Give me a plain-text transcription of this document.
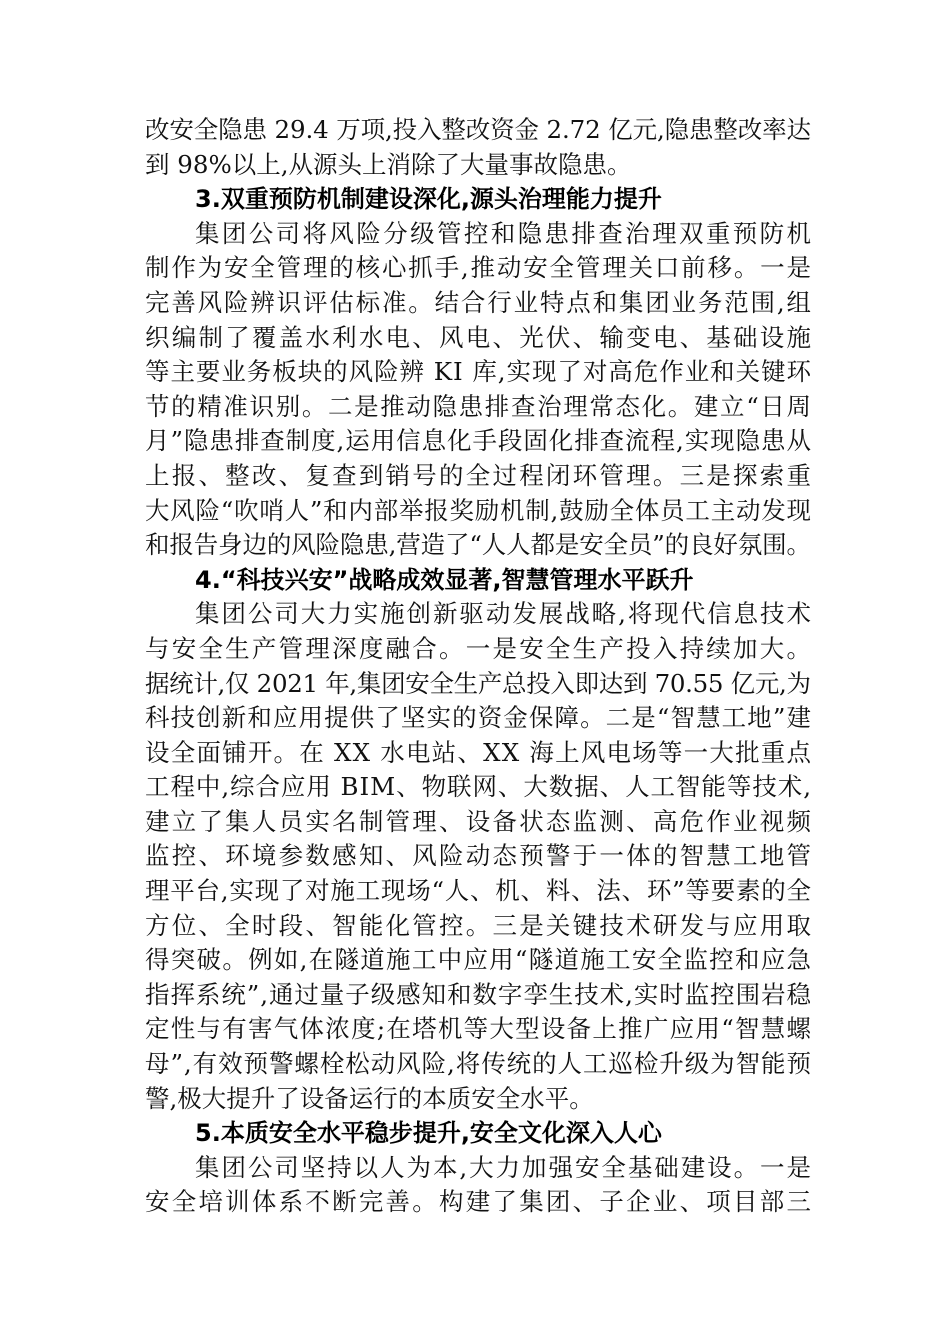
改安全隐患 29.4 万项,投入整改资金 2.72 亿元,隐患整改率达
到 98%以上,从源头上消除了大量事故隐患。
3.双重预防机制建设深化,源头治理能力提升
集团公司将风险分级管控和隐患排查治理双重预防机
制作为安全管理的核心抓手,推动安全管理关口前移。一是
完善风险辨识评估标准。结合行业特点和集团业务范围,组
织编制了覆盖水利水电、风电、光伏、输变电、基础设施
等主要业务板块的风险辨 KI 库,实现了对高危作业和关键环
节的精准识别。二是推动隐患排查治理常态化。建立“日周
月”隐患排查制度,运用信息化手段固化排查流程,实现隐患从
上报、整改、复查到销号的全过程闭环管理。三是探索重
大风险“吹哨人”和内部举报奖励机制,鼓励全体员工主动发现
和报告身边的风险隐患,营造了“人人都是安全员”的良好氛围。
4.“科技兴安”战略成效显著,智慧管理水平跃升
集团公司大力实施创新驱动发展战略,将现代信息技术
与安全生产管理深度融合。一是安全生产投入持续加大。
据统计,仅 2021 年,集团安全生产总投入即达到 70.55 亿元,为
科技创新和应用提供了坚实的资金保障。二是“智慧工地”建
设全面铺开。在 XX 水电站、XX 海上风电场等一大批重点
工程中,综合应用 BIM、物联网、大数据、人工智能等技术,
建立了集人员实名制管理、设备状态监测、高危作业视频
监控、环境参数感知、风险动态预警于一体的智慧工地管
理平台,实现了对施工现场“人、机、料、法、环”等要素的全
方位、全时段、智能化管控。三是关键技术研发与应用取
得突破。例如,在隧道施工中应用“隧道施工安全监控和应急
指挥系统”,通过量子级感知和数字孪生技术,实时监控围岩稳
定性与有害气体浓度;在塔机等大型设备上推广应用“智慧螺
母”,有效预警螺栓松动风险,将传统的人工巡检升级为智能预
警,极大提升了设备运行的本质安全水平。
5.本质安全水平稳步提升,安全文化深入人心
集团公司坚持以人为本,大力加强安全基础建设。一是
安全培训体系不断完善。构建了集团、子企业、项目部三
